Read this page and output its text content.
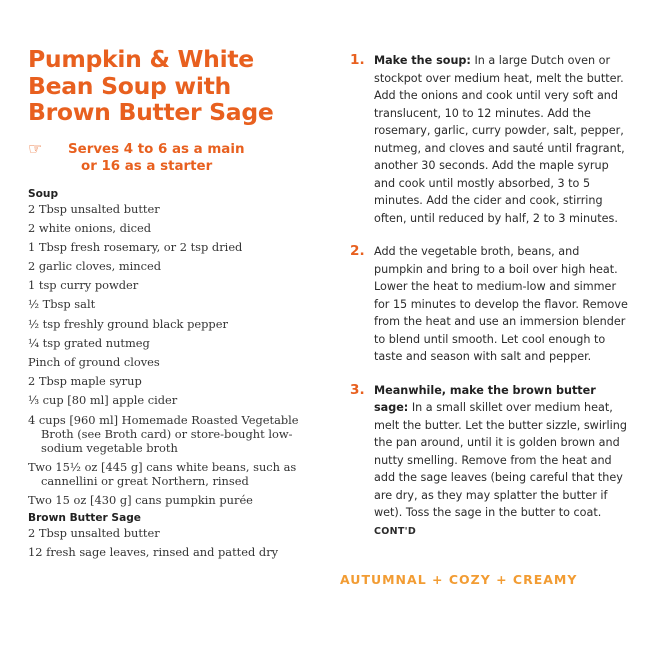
Pumpkin & White
Bean Soup with
Brown Butter Sage
☞ Serves 4 to 6 as a main
or 16 as a starter
Soup
2 Tbsp unsalted butter
2 white onions, diced
1 Tbsp fresh rosemary, or 2 tsp dried
2 garlic cloves, minced
1 tsp curry powder
½ Tbsp salt
½ tsp freshly ground black pepper
¼ tsp grated nutmeg
Pinch of ground cloves
2 Tbsp maple syrup
⅓ cup [80 ml] apple cider
4 cups [960 ml] Homemade Roasted Vegetable Broth (see Broth card) or store-bought low-sodium vegetable broth
Two 15½ oz [445 g] cans white beans, such as cannellini or great Northern, rinsed
Two 15 oz [430 g] cans pumpkin purée
Brown Butter Sage
2 Tbsp unsalted butter
12 fresh sage leaves, rinsed and patted dry
1. Make the soup: In a large Dutch oven or stockpot over medium heat, melt the butter. Add the onions and cook until very soft and translucent, 10 to 12 minutes. Add the rosemary, garlic, curry powder, salt, pepper, nutmeg, and cloves and sauté until fragrant, another 30 seconds. Add the maple syrup and cook until mostly absorbed, 3 to 5 minutes. Add the cider and cook, stirring often, until reduced by half, 2 to 3 minutes.

2. Add the vegetable broth, beans, and pumpkin and bring to a boil over high heat. Lower the heat to medium-low and simmer for 15 minutes to develop the flavor. Remove from the heat and use an immersion blender to blend until smooth. Let cool enough to taste and season with salt and pepper.

3. Meanwhile, make the brown butter sage: In a small skillet over medium heat, melt the butter. Let the butter sizzle, swirling the pan around, until it is golden brown and nutty smelling. Remove from the heat and add the sage leaves (being careful that they are dry, as they may splatter the butter if wet). Toss the sage in the butter to coat. CONT'D

AUTUMNAL + COZY + CREAMY
